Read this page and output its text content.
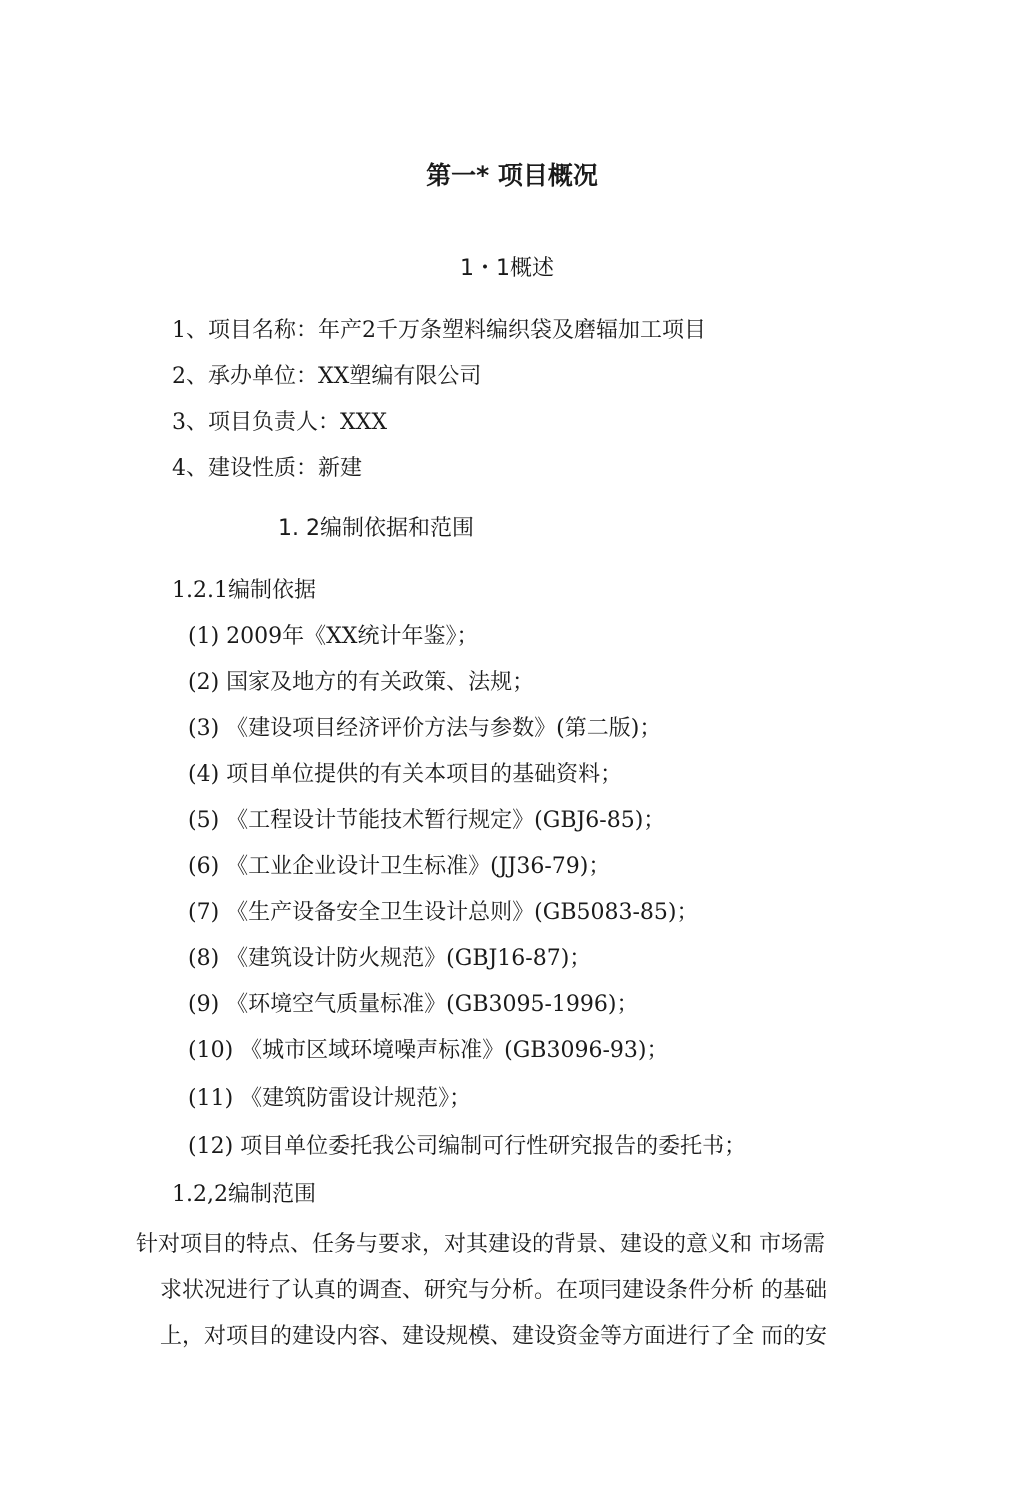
第一* 项目概况
1・1概述
1、项目名称：年产2千万条塑料编织袋及磨辐加工项目
2、承办单位：XX塑编有限公司
3、项目负责人：XXX
4、建设性质：新建
1. 2编制依据和范围
1.2.1编制依据
(1) 2009年《XX统计年鉴》；
(2) 国家及地方的有关政策、法规；
(3) 《建设项目经济评价方法与参数》(第二版)；
(4) 项目单位提供的有关本项目的基础资料；
(5) 《工程设计节能技术暂行规定》(GBJ6-85)；
(6) 《工业企业设计卫生标准》(JJ36-79)；
(7) 《生产设备安全卫生设计总则》(GB5083-85)；
(8) 《建筑设计防火规范》(GBJ16-87)；
(9) 《环境空气质量标准》(GB3095-1996)；
(10) 《城市区域环境噪声标准》(GB3096-93)；
(11) 《建筑防雷设计规范》；
(12) 项目单位委托我公司编制可行性研究报告的委托书；
1.2,2编制范围
针对项目的特点、任务与要求，对其建设的背景、建设的意义和 市场需
求状况进行了认真的调查、研究与分析。在项冃建设条件分析 的基础
上，对项目的建设内容、建设规模、建设资金等方面进行了全 而的安
